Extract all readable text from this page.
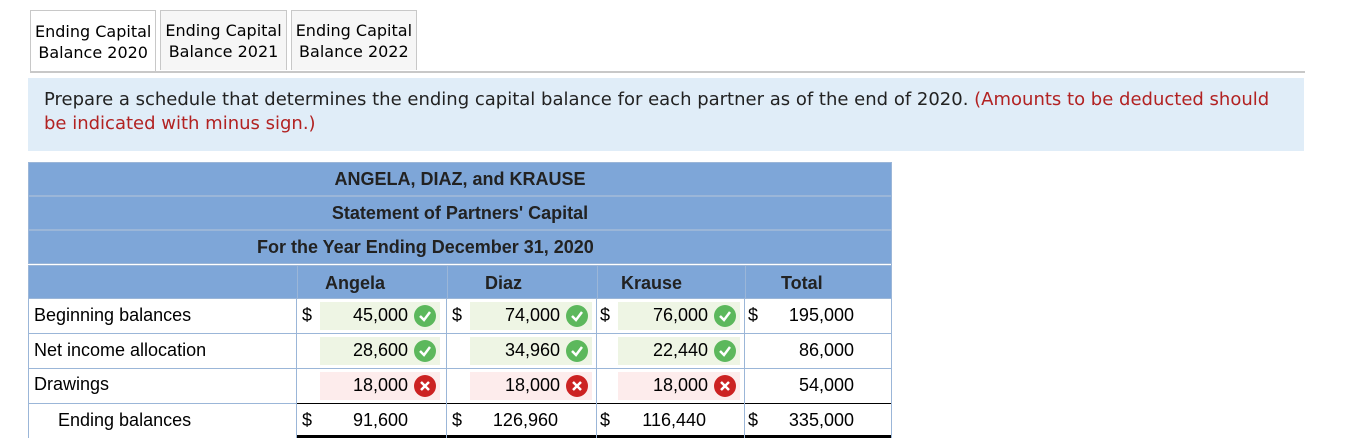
Ending Capital
Balance 2020
Ending Capital
Balance 2021
Ending Capital
Balance 2022
Prepare a schedule that determines the ending capital balance for each partner as of the end of 2020. (Amounts to be deducted should be indicated with minus sign.)
ANGELA, DIAZ, and KRAUSE
Statement of Partners' Capital
For the Year Ending December 31, 2020
Angela	Diaz	Krause	Total
Beginning balances	$ 45,000 $ 74,000 $ 76,000 $ 195,000
Net income allocation	28,600	34,960	22,440	86,000
Drawings	18,000	18,000	18,000	54,000
Ending balances	$ 91,600 $ 126,960 $ 116,440 $ 335,000
